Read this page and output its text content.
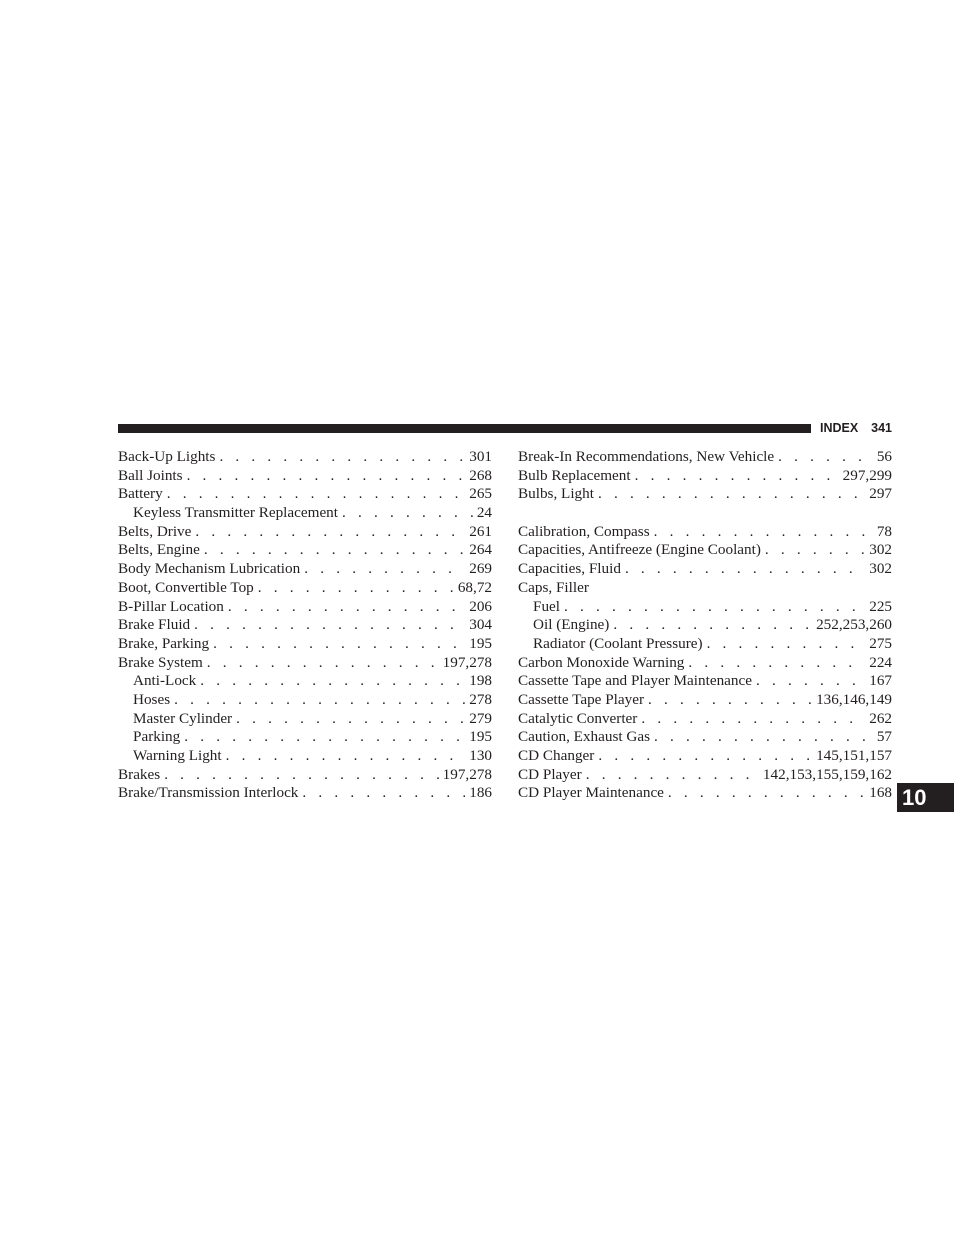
INDEX 341
Back-Up Lights . . .	301
Ball Joints . . .	268
Battery . . .	265
Keyless Transmitter Replacement . . .	24
Belts, Drive . . .	261
Belts, Engine . . .	264
Body Mechanism Lubrication . . .	269
Boot, Convertible Top . . .	68,72
B-Pillar Location . . .	206
Brake Fluid . . .	304
Brake, Parking . . .	195
Brake System . . .	197,278
Anti-Lock . . .	198
Hoses . . .	278
Master Cylinder . . .	279
Parking . . .	195
Warning Light . . .	130
Brakes . . .	197,278
Brake/Transmission Interlock . . .	186
Break-In Recommendations, New Vehicle . . .	56
Bulb Replacement . . .	297,299
Bulbs, Light . . .	297
Calibration, Compass . . .	78
Capacities, Antifreeze (Engine Coolant) . . .	302
Capacities, Fluid . . .	302
Caps, Filler
Fuel . . .	225
Oil (Engine) . . .	252,253,260
Radiator (Coolant Pressure) . . .	275
Carbon Monoxide Warning . . .	224
Cassette Tape and Player Maintenance . . .	167
Cassette Tape Player . . .	136,146,149
Catalytic Converter . . .	262
Caution, Exhaust Gas . . .	57
CD Changer . . .	145,151,157
CD Player . . .	142,153,155,159,162
CD Player Maintenance . . .	168 10
